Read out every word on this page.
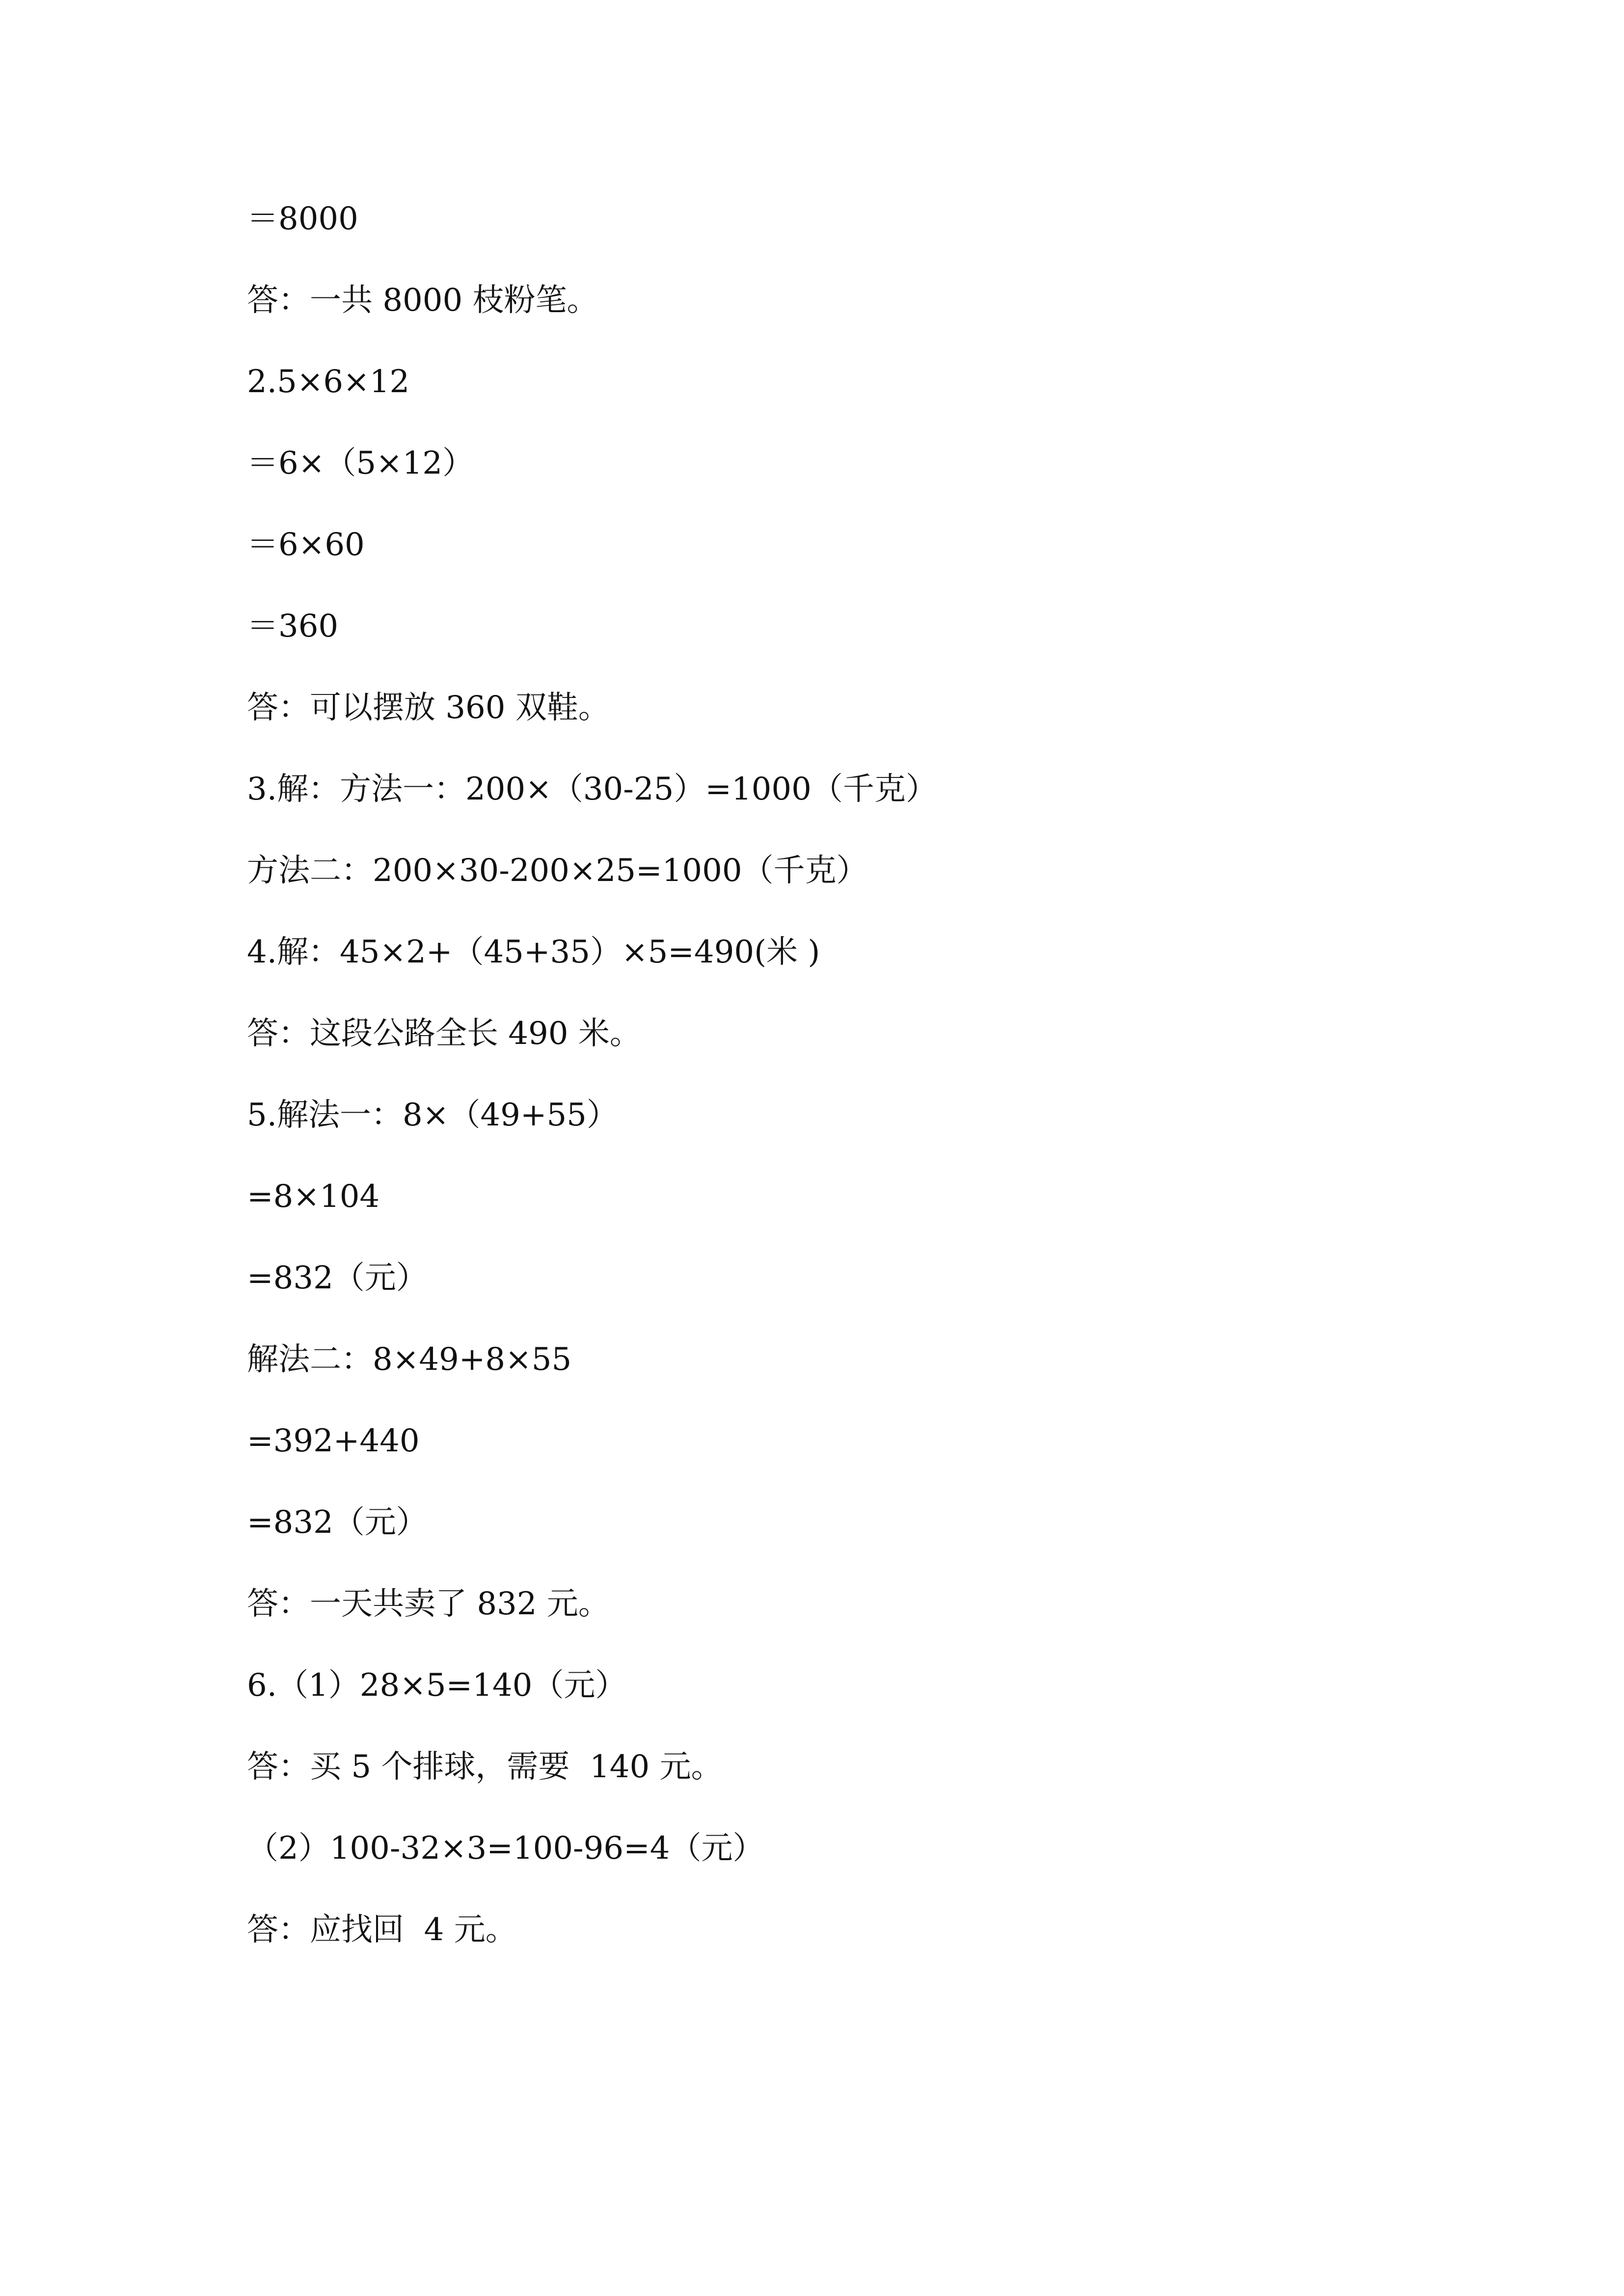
＝8000
答：一共 8000 枝粉笔。
2.5×6×12
＝6×（5×12）
＝6×60
＝360
答：可以摆放 360 双鞋。
3.解：方法一：200×（30-25）=1000（千克）
方法二：200×30-200×25=1000（千克）
4.解：45×2+（45+35）×5=490(米 )
答：这段公路全长 490 米。
5.解法一：8×（49+55）
=8×104
=832（元）
解法二：8×49+8×55
=392+440
=832（元）
答：一天共卖了 832 元。
6.（1）28×5=140（元）
答：买 5 个排球，需要  140 元。
（2）100-32×3=100-96=4（元）
答：应找回  4 元。
